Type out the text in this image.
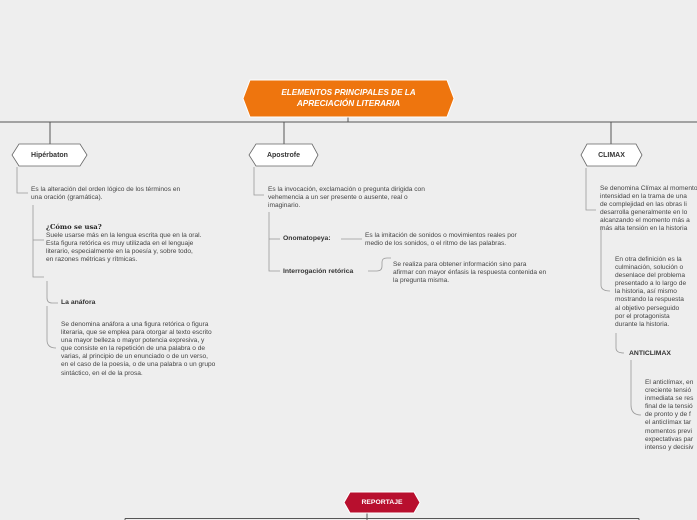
ELEMENTOS PRINCIPALES DE LA
APRECIACIÓN LITERARIA
Hipérbaton
Es la alteración del orden lógico de los términos en
una oración (gramática).
¿Cómo se usa?
Suele usarse más en la lengua escrita que en la oral.
Esta figura retórica es muy utilizada en el lenguaje
literario, especialmente en la poesía y, sobre todo,
en razones métricas y rítmicas.
La anáfora
Se denomina anáfora a una figura retórica o figura
literaria, que se emplea para otorgar al texto escrito
una mayor belleza o mayor potencia expresiva, y
que consiste en la repetición de una palabra o de
varias, al principio de un enunciado o de un verso,
en el caso de la poesía, o de una palabra o un grupo
sintáctico, en el de la prosa.
Apostrofe
Es la invocación, exclamación o pregunta dirigida con
vehemencia a un ser presente o ausente, real o
imaginario.
Onomatopeya:	Es la imitación de sonidos o movimientos reales por
medio de los sonidos, o el ritmo de las palabras.
Interrogación retórica
Se realiza para obtener información sino para
afirmar con mayor énfasis la respuesta contenida en
la pregunta misma.
CLIMAX
Se denomina Clímax al momento
intensidad en la trama de una
de complejidad en las obras li
desarrolla generalmente en lo
alcanzando el momento más a
más alta tensión en la historia
En otra definición es la
culminación, solución o
desenlace del problema
presentado a lo largo de
la historia, así mismo
mostrando la respuesta
al objetivo perseguido
por el protagonista
durante la historia.
ANTICLIMAX
El anticlímax, en
creciente tensió
inmediata se res
final de la tensió
de pronto y de f
el anticlímax tar
momentos previ
expectativas par
intenso y decisiv
REPORTAJE
